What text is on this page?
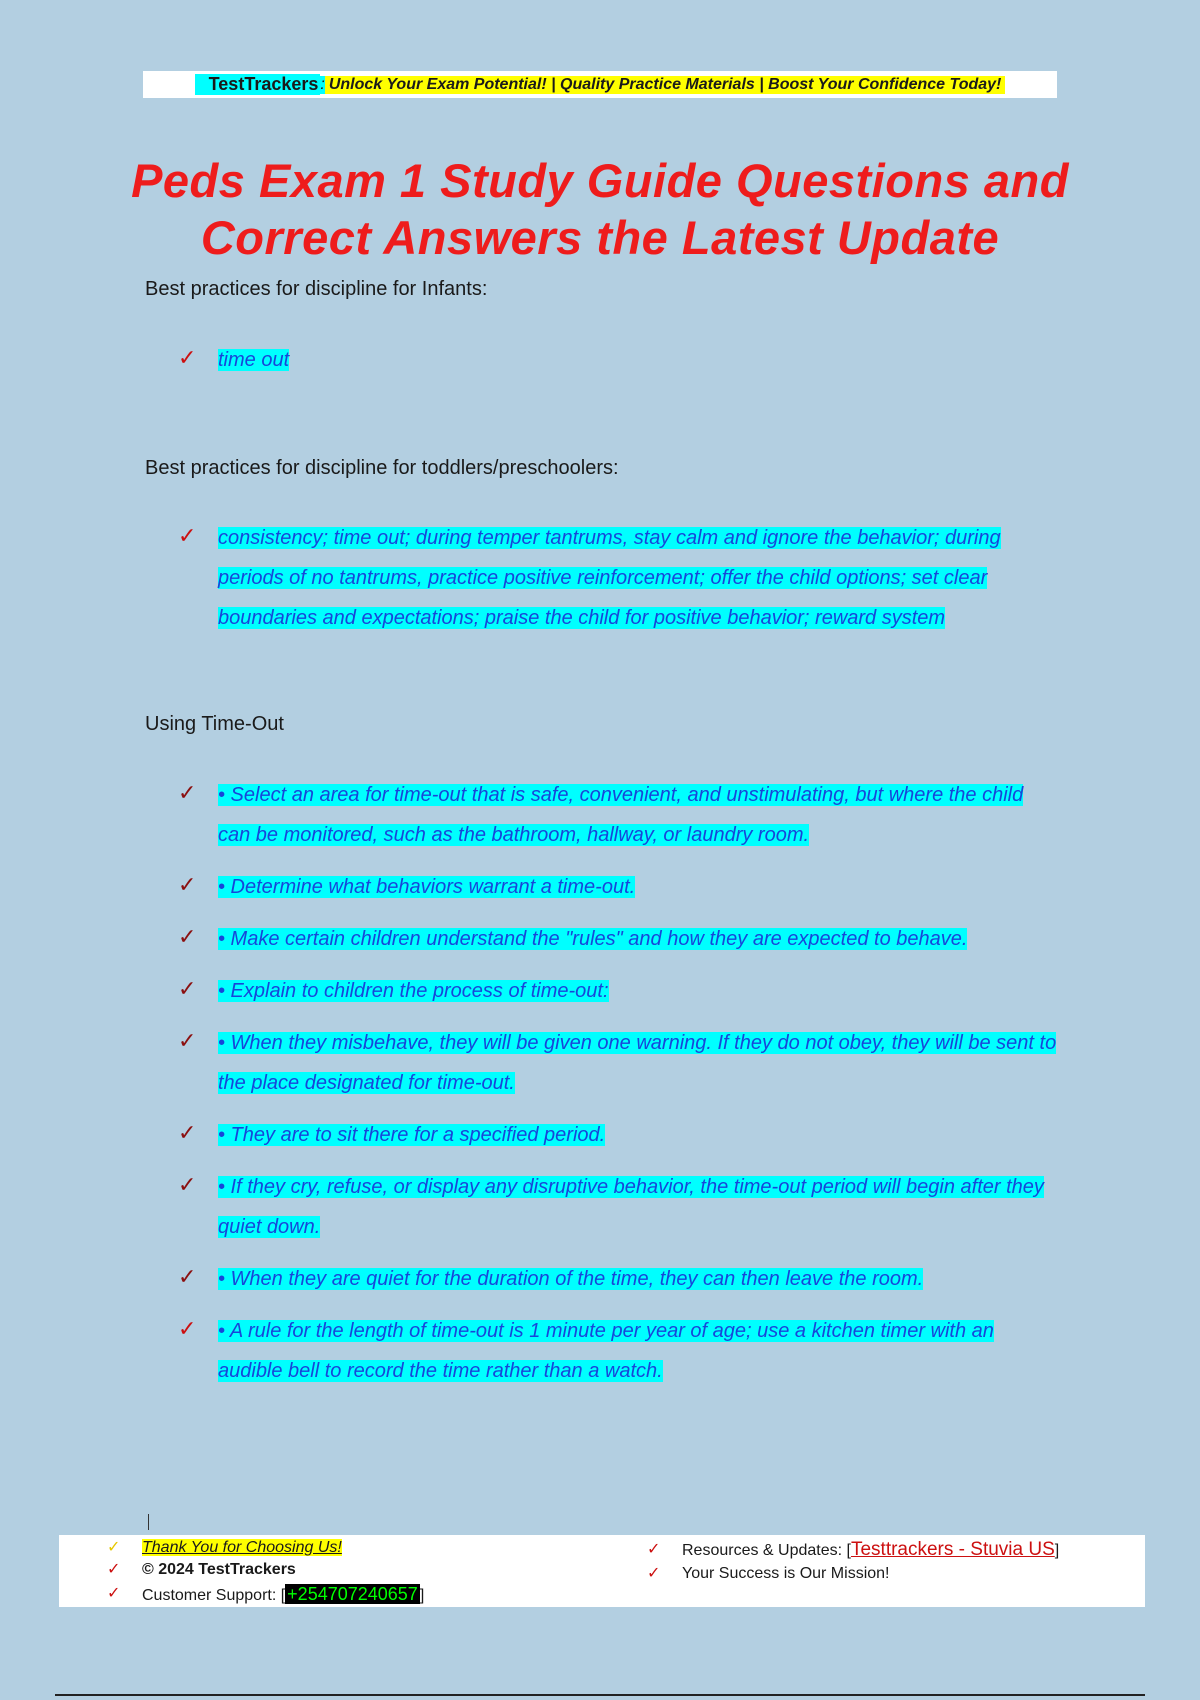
TestTrackers : Unlock Your Exam Potential! | Quality Practice Materials | Boost Your Confidence Today!
Peds Exam 1 Study Guide Questions and
Correct Answers the Latest Update
Best practices for discipline for Infants:
✓ time out
Best practices for discipline for toddlers/preschoolers:
✓ consistency; time out; during temper tantrums, stay calm and ignore the behavior; during periods of no tantrums, practice positive reinforcement; offer the child options; set clear boundaries and expectations; praise the child for positive behavior; reward system
Using Time-Out
✓ • Select an area for time-out that is safe, convenient, and unstimulating, but where the child can be monitored, such as the bathroom, hallway, or laundry room.
✓ • Determine what behaviors warrant a time-out.
✓ • Make certain children understand the "rules" and how they are expected to behave.
✓ • Explain to children the process of time-out:
✓ • When they misbehave, they will be given one warning. If they do not obey, they will be sent to the place designated for time-out.
✓ • They are to sit there for a specified period.
✓ • If they cry, refuse, or display any disruptive behavior, the time-out period will begin after they quiet down.
✓ • When they are quiet for the duration of the time, they can then leave the room.
✓ • A rule for the length of time-out is 1 minute per year of age; use a kitchen timer with an audible bell to record the time rather than a watch.
✓ Thank You for Choosing Us!
✓ © 2024 TestTrackers
✓ Customer Support: [ +254707240657 ]
✓ Resources & Updates: [Testtrackers - Stuvia US]
✓ Your Success is Our Mission!
